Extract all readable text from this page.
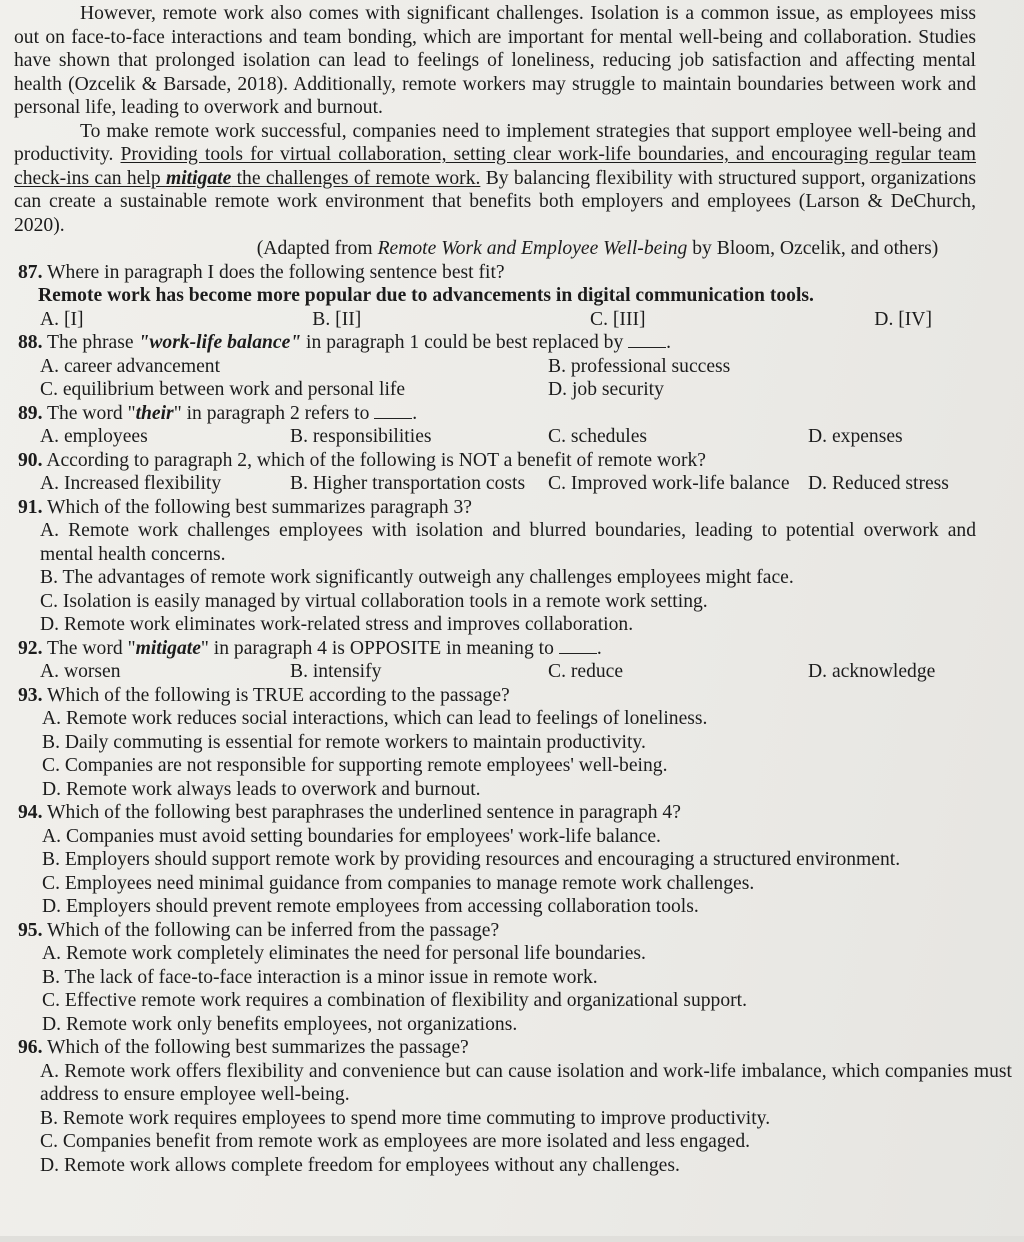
However, remote work also comes with significant challenges. Isolation is a common issue, as employees miss out on face-to-face interactions and team bonding, which are important for mental well-being and collaboration. Studies have shown that prolonged isolation can lead to feelings of loneliness, reducing job satisfaction and affecting mental health (Ozcelik & Barsade, 2018). Additionally, remote workers may struggle to maintain boundaries between work and personal life, leading to overwork and burnout.

To make remote work successful, companies need to implement strategies that support employee well-being and productivity. Providing tools for virtual collaboration, setting clear work-life boundaries, and encouraging regular team check-ins can help mitigate the challenges of remote work. By balancing flexibility with structured support, organizations can create a sustainable remote work environment that benefits both employers and employees (Larson & DeChurch, 2020).

(Adapted from Remote Work and Employee Well-being by Bloom, Ozcelik, and others)

87. Where in paragraph I does the following sentence best fit?
Remote work has become more popular due to advancements in digital communication tools.
A. [I]	B. [II]	C. [III]	D. [IV]
88. The phrase "work-life balance" in paragraph 1 could be best replaced by .
A. career advancement	B. professional success
C. equilibrium between work and personal life	D. job security
89. The word "their" in paragraph 2 refers to .
A. employees	B. responsibilities	C. schedules	D. expenses
90. According to paragraph 2, which of the following is NOT a benefit of remote work?
A. Increased flexibility	B. Higher transportation costs	C. Improved work-life balance D. Reduced stress
91. Which of the following best summarizes paragraph 3?
A. Remote work challenges employees with isolation and blurred boundaries, leading to potential overwork and mental health concerns.
B. The advantages of remote work significantly outweigh any challenges employees might face.
C. Isolation is easily managed by virtual collaboration tools in a remote work setting.
D. Remote work eliminates work-related stress and improves collaboration.
92. The word "mitigate" in paragraph 4 is OPPOSITE in meaning to .
A. worsen	B. intensify	C. reduce	D. acknowledge
93. Which of the following is TRUE according to the passage?
A. Remote work reduces social interactions, which can lead to feelings of loneliness.
B. Daily commuting is essential for remote workers to maintain productivity.
C. Companies are not responsible for supporting remote employees' well-being.
D. Remote work always leads to overwork and burnout.
94. Which of the following best paraphrases the underlined sentence in paragraph 4?
A. Companies must avoid setting boundaries for employees' work-life balance.
B. Employers should support remote work by providing resources and encouraging a structured environment.
C. Employees need minimal guidance from companies to manage remote work challenges.
D. Employers should prevent remote employees from accessing collaboration tools.
95. Which of the following can be inferred from the passage?
A. Remote work completely eliminates the need for personal life boundaries.
B. The lack of face-to-face interaction is a minor issue in remote work.
C. Effective remote work requires a combination of flexibility and organizational support.
D. Remote work only benefits employees, not organizations.
96. Which of the following best summarizes the passage?
A. Remote work offers flexibility and convenience but can cause isolation and work-life imbalance, which companies must address to ensure employee well-being.
B. Remote work requires employees to spend more time commuting to improve productivity.
C. Companies benefit from remote work as employees are more isolated and less engaged.
D. Remote work allows complete freedom for employees without any challenges.
